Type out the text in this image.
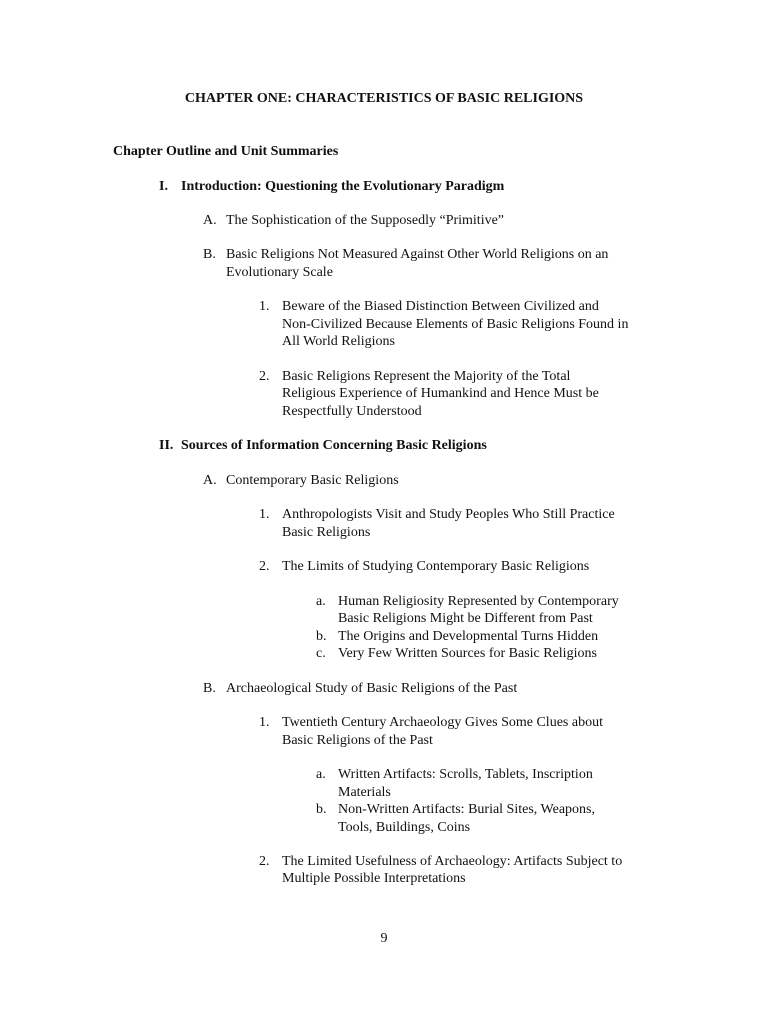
CHAPTER ONE: CHARACTERISTICS OF BASIC RELIGIONS
Chapter Outline and Unit Summaries
I. Introduction: Questioning the Evolutionary Paradigm
A. The Sophistication of the Supposedly “Primitive”
B. Basic Religions Not Measured Against Other World Religions on an
Evolutionary Scale
1. Beware of the Biased Distinction Between Civilized and
Non-Civilized Because Elements of Basic Religions Found in
All World Religions
2. Basic Religions Represent the Majority of the Total
Religious Experience of Humankind and Hence Must be
Respectfully Understood
II. Sources of Information Concerning Basic Religions
A. Contemporary Basic Religions
1. Anthropologists Visit and Study Peoples Who Still Practice
Basic Religions
2. The Limits of Studying Contemporary Basic Religions
a. Human Religiosity Represented by Contemporary
Basic Religions Might be Different from Past
b. The Origins and Developmental Turns Hidden
c. Very Few Written Sources for Basic Religions
B. Archaeological Study of Basic Religions of the Past
1. Twentieth Century Archaeology Gives Some Clues about
Basic Religions of the Past
a. Written Artifacts: Scrolls, Tablets, Inscription
Materials
b. Non-Written Artifacts: Burial Sites, Weapons,
Tools, Buildings, Coins
2. The Limited Usefulness of Archaeology: Artifacts Subject to
Multiple Possible Interpretations
9
